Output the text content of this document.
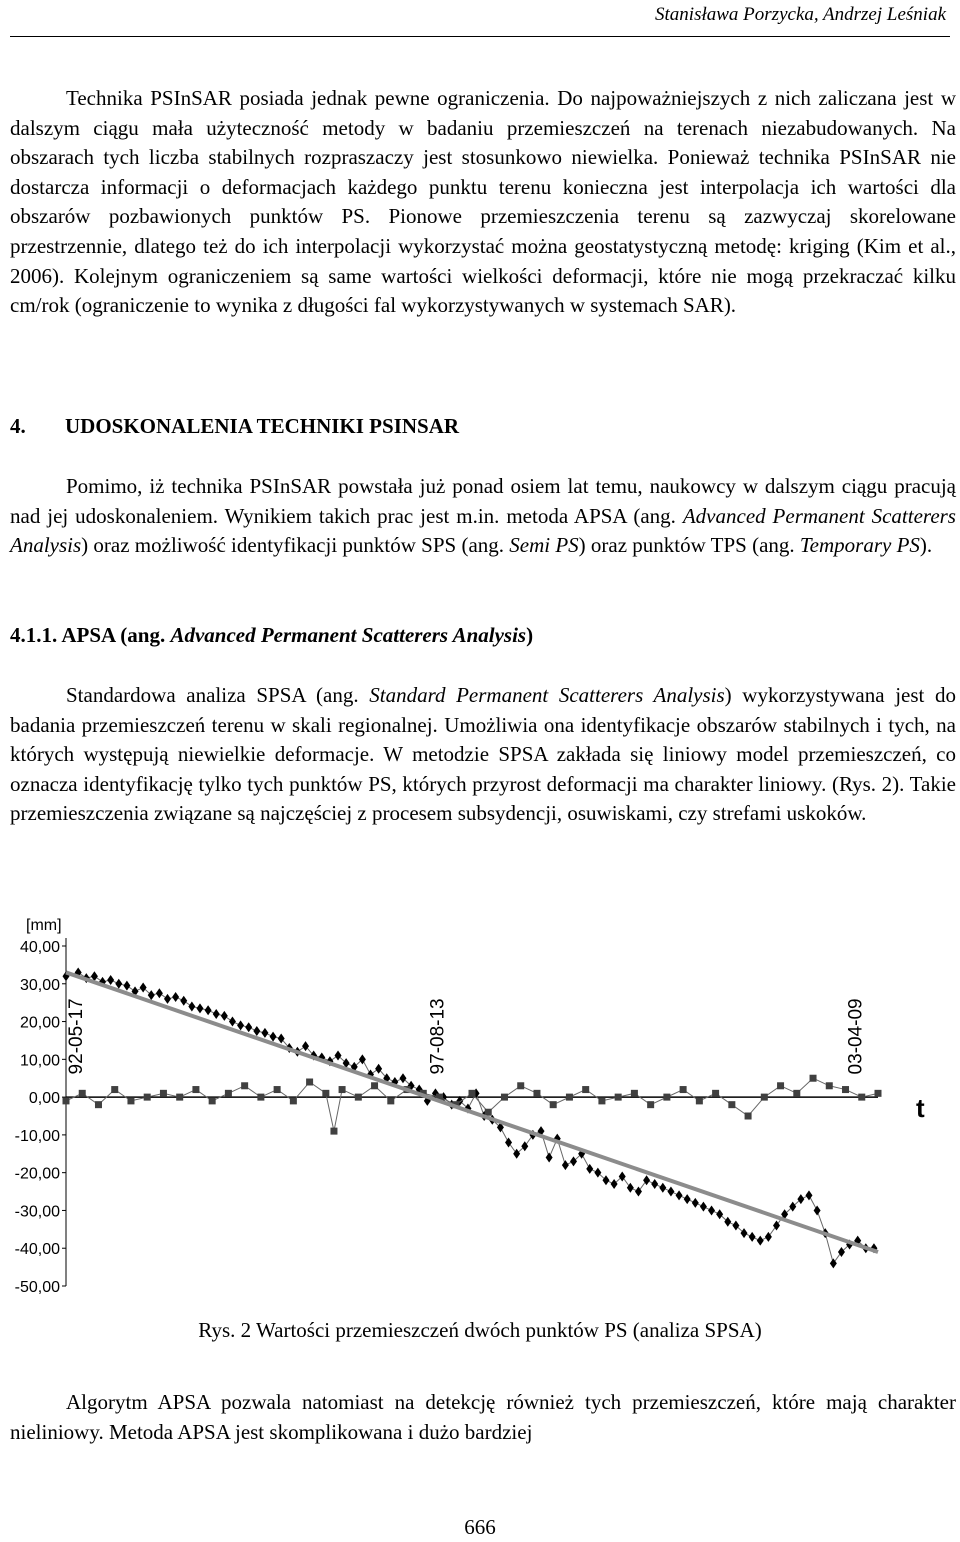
Stanisława Porzycka, Andrzej Leśniak

Technika PSInSAR posiada jednak pewne ograniczenia. Do najpoważniejszych z nich zaliczana jest w dalszym ciągu mała użyteczność metody w badaniu przemieszczeń na terenach niezabudowanych. Na obszarach tych liczba stabilnych rozpraszaczy jest stosunkowo niewielka. Ponieważ technika PSInSAR nie dostarcza informacji o deformacjach każdego punktu terenu konieczna jest interpolacja ich wartości dla obszarów pozbawionych punktów PS. Pionowe przemieszczenia terenu są zazwyczaj skorelowane przestrzennie, dlatego też do ich interpolacji wykorzystać można geostatystyczną metodę: kriging (Kim et al., 2006). Kolejnym ograniczeniem są same wartości wielkości deformacji, które nie mogą przekraczać kilku cm/rok (ograniczenie to wynika z długości fal wykorzystywanych w systemach SAR).

4. UDOSKONALENIA TECHNIKI PSINSAR

Pomimo, iż technika PSInSAR powstała już ponad osiem lat temu, naukowcy w dalszym ciągu pracują nad jej udoskonaleniem. Wynikiem takich prac jest m.in. metoda APSA (ang. Advanced Permanent Scatterers Analysis) oraz możliwość identyfikacji punktów SPS (ang. Semi PS) oraz punktów TPS (ang. Temporary PS).

4.1.1. APSA (ang. Advanced Permanent Scatterers Analysis)

Standardowa analiza SPSA (ang. Standard Permanent Scatterers Analysis) wykorzystywana jest do badania przemieszczeń terenu w skali regionalnej. Umożliwia ona identyfikacje obszarów stabilnych i tych, na których występują niewielkie deformacje. W metodzie SPSA zakłada się liniowy model przemieszczeń, co oznacza identyfikację tylko tych punktów PS, których przyrost deformacji ma charakter liniowy. (Rys. 2). Takie przemieszczenia związane są najczęściej z procesem subsydencji, osuwiskami, czy strefami uskoków.

40,00
30,00
20,00
10,00
0,00
-10,00
-20,00
-30,00
-40,00
-50,00
[mm]
t
92-05-17	97-08-13	03-04-09
Rys. 2 Wartości przemieszczeń dwóch punktów PS (analiza SPSA)

Algorytm APSA pozwala natomiast na detekcję również tych przemieszczeń, które mają charakter nieliniowy. Metoda APSA jest skomplikowana i dużo bardziej

666
